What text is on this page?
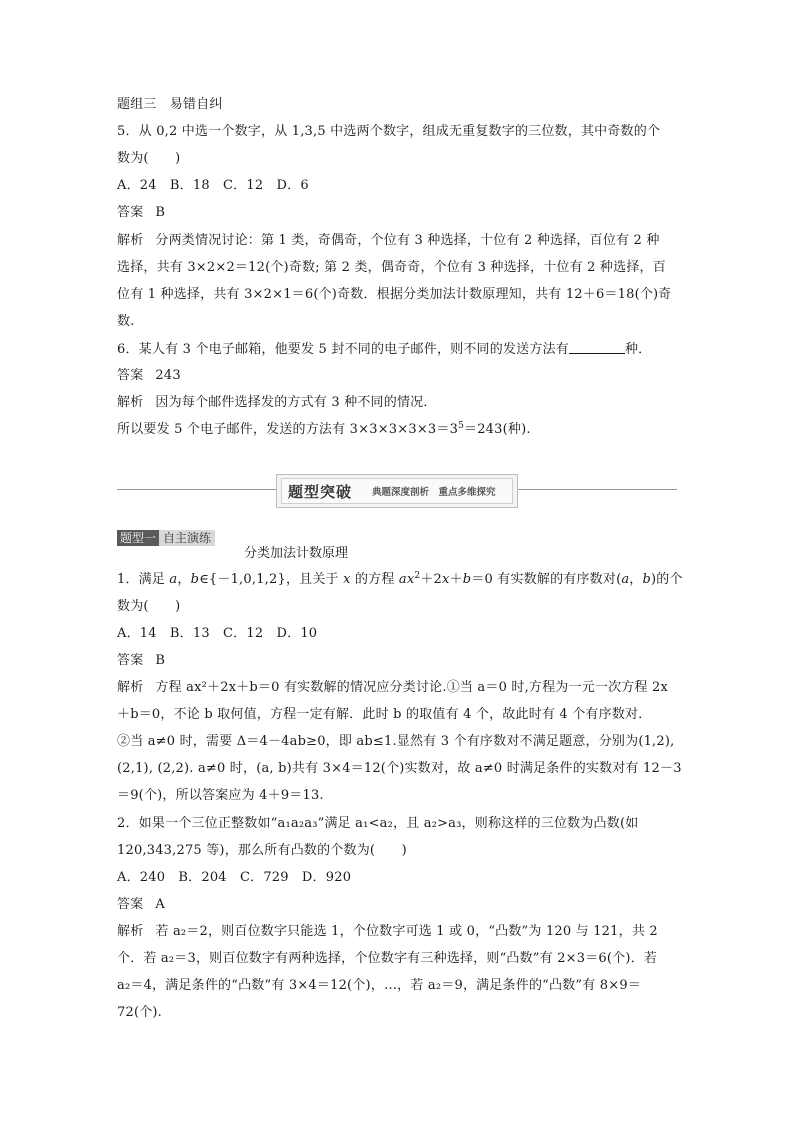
题组三　易错自纠
5．从 0,2 中选一个数字，从 1,3,5 中选两个数字，组成无重复数字的三位数，其中奇数的个
数为(　　)
A．24　B．18　C．12　D．6
答案 B
解析 分两类情况讨论：第 1 类，奇偶奇，个位有 3 种选择，十位有 2 种选择，百位有 2 种
选择，共有 3×2×2＝12(个)奇数; 第 2 类，偶奇奇，个位有 3 种选择，十位有 2 种选择，百
位有 1 种选择，共有 3×2×1＝6(个)奇数．根据分类加法计数原理知，共有 12＋6＝18(个)奇
数.
6．某人有 3 个电子邮箱，他要发 5 封不同的电子邮件，则不同的发送方法有	种．
答案 243
解析 因为每个邮件选择发的方式有 3 种不同的情况．
所以要发 5 个电子邮件，发送的方法有 $3\times 3\times 3\times 3\times 3=3^5=243$(种).
题型突破 典题深度剖析　重点多维探究
题型一 自主演练
分类加法计数原理
1．满足 a，b∈{－1,0,1,2}，且关于 x 的方程 $ax^2+2x+b=0$ 有实数解的有序数对(a，b)的个
数为(　　)
A．14　B．13　C．12　D．10
答案 B
解析 方程 ax²＋2x＋b＝0 有实数解的情况应分类讨论.①当 a＝0 时,方程为一元一次方程 2x
＋b＝0，不论 b 取何值，方程一定有解．此时 b 的取值有 4 个，故此时有 4 个有序数对．
②当 a≠0 时，需要 Δ＝4－4ab≥0，即 ab≤1.显然有 3 个有序数对不满足题意，分别为(1,2),
(2,1), (2,2). a≠0 时，(a, b)共有 3×4＝12(个)实数对，故 a≠0 时满足条件的实数对有 12－3
＝9(个)，所以答案应为 4＋9＝13.
2．如果一个三位正整数如“a₁a₂a₃”满足 a₁<a₂，且 a₂>a₃，则称这样的三位数为凸数(如
120,343,275 等)，那么所有凸数的个数为(　　)
A．240　B．204　C．729　D．920
答案 A
解析 若 a₂＝2，则百位数字只能选 1，个位数字可选 1 或 0，“凸数”为 120 与 121，共 2
个．若 a₂＝3，则百位数字有两种选择，个位数字有三种选择，则“凸数”有 2×3＝6(个)．若
a₂＝4，满足条件的“凸数”有 3×4＝12(个)，…，若 a₂＝9，满足条件的“凸数”有 8×9＝
72(个).
